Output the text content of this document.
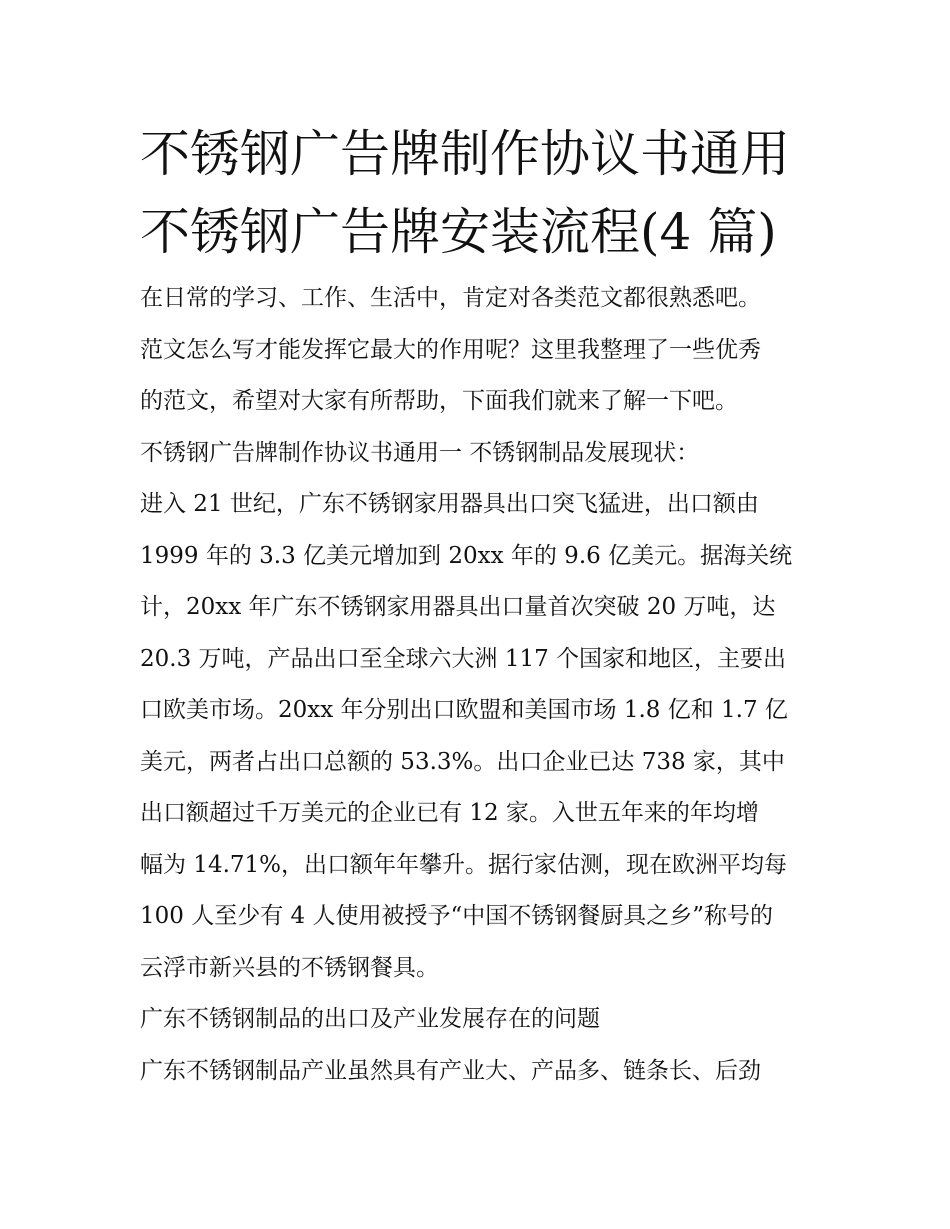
不锈钢广告牌制作协议书通用
不锈钢广告牌安装流程(4 篇)
在日常的学习、工作、生活中，肯定对各类范文都很熟悉吧。
范文怎么写才能发挥它最大的作用呢？这里我整理了一些优秀
的范文，希望对大家有所帮助，下面我们就来了解一下吧。
不锈钢广告牌制作协议书通用一 不锈钢制品发展现状：
进入 21 世纪，广东不锈钢家用器具出口突飞猛进，出口额由
1999 年的 3.3 亿美元增加到 20xx 年的 9.6 亿美元。据海关统
计，20xx 年广东不锈钢家用器具出口量首次突破 20 万吨，达
20.3 万吨，产品出口至全球六大洲 117 个国家和地区，主要出
口欧美市场。20xx 年分别出口欧盟和美国市场 1.8 亿和 1.7 亿
美元，两者占出口总额的 53.3%。出口企业已达 738 家，其中
出口额超过千万美元的企业已有 12 家。入世五年来的年均增
幅为 14.71%，出口额年年攀升。据行家估测，现在欧洲平均每
100 人至少有 4 人使用被授予“中国不锈钢餐厨具之乡”称号的
云浮市新兴县的不锈钢餐具。
广东不锈钢制品的出口及产业发展存在的问题
广东不锈钢制品产业虽然具有产业大、产品多、链条长、后劲
